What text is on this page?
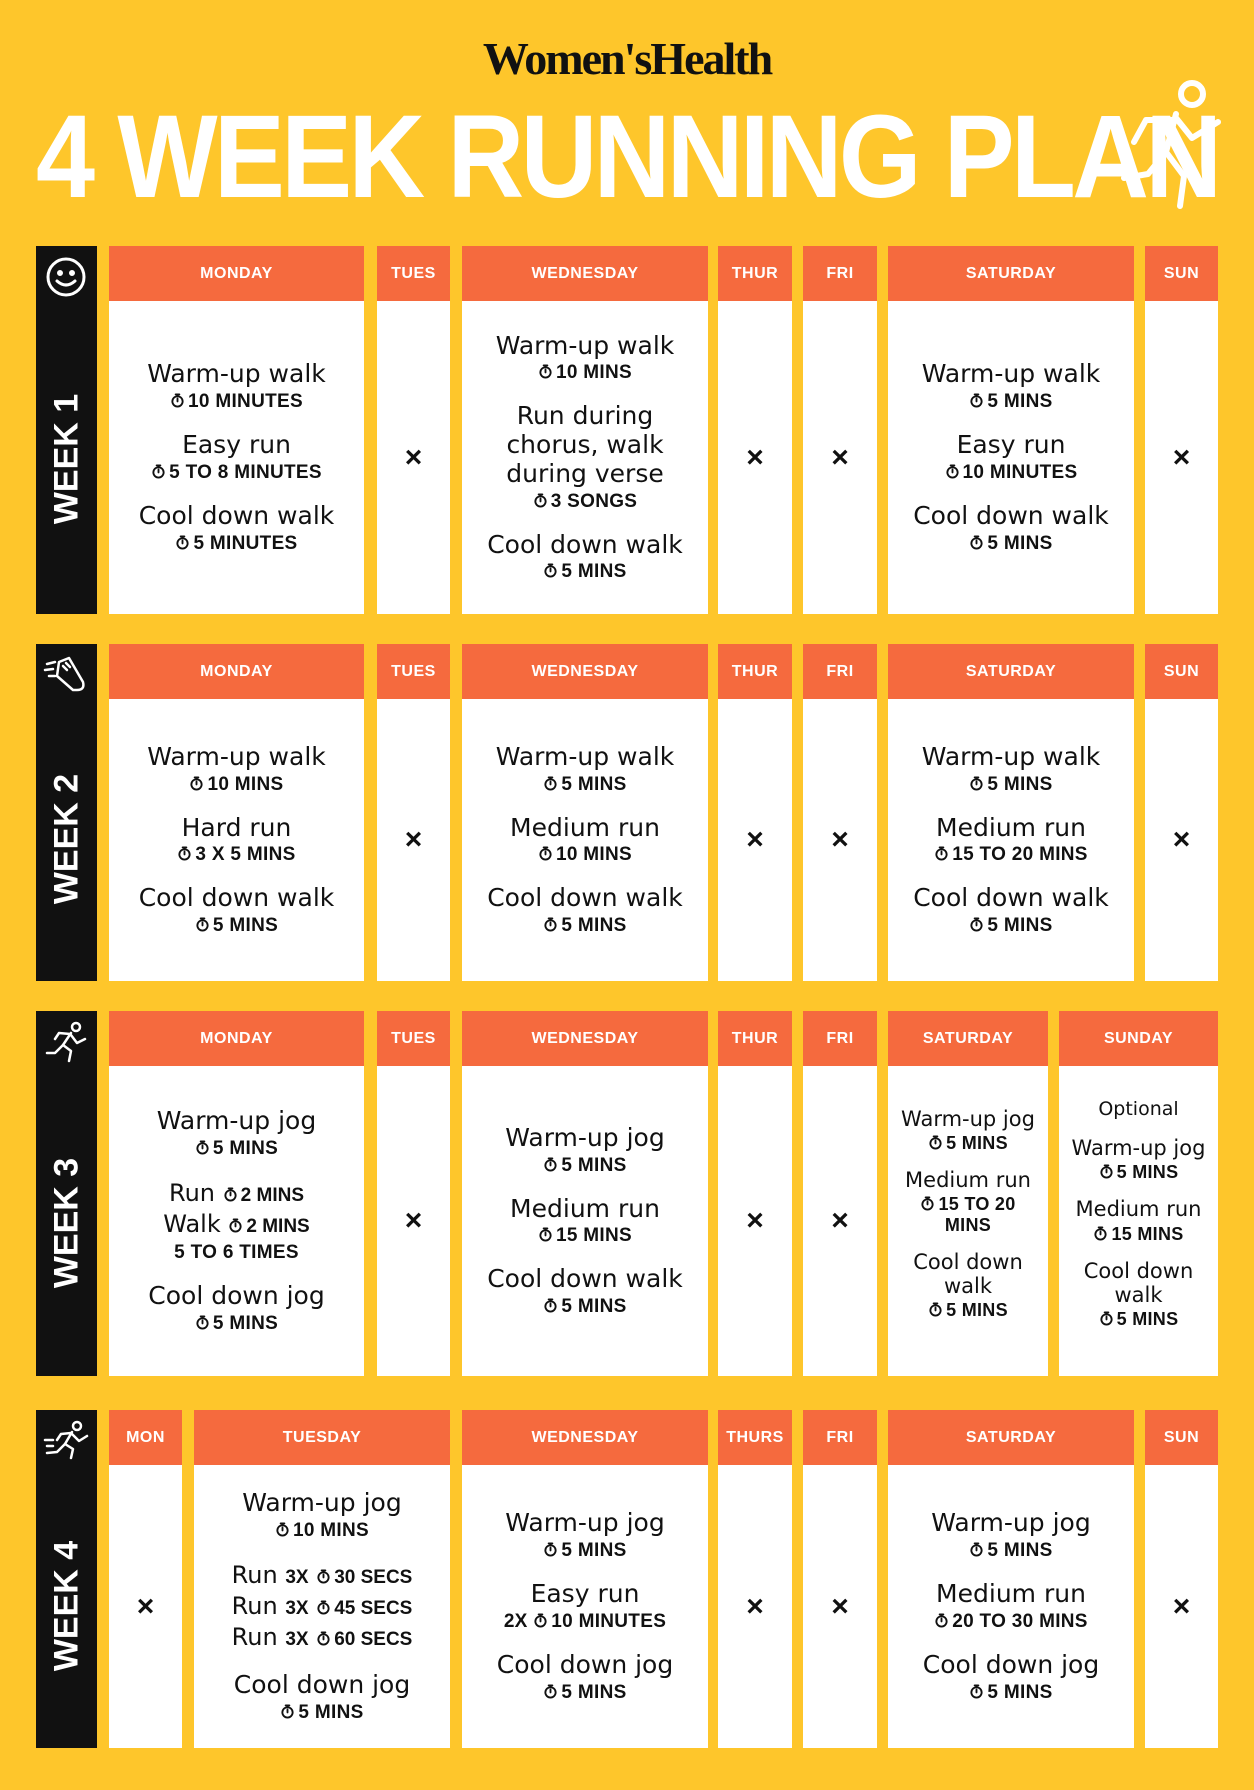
Women'sHealth
4 WEEK RUNNING PLAN
WEEK 1
MONDAY
Warm-up walk
10 MINUTES
Easy run
5 TO 8 MINUTES
Cool down walk
5 MINUTES
TUES
×
WEDNESDAY
Warm-up walk
10 MINS
Run during chorus, walk during verse
3 SONGS
Cool down walk
5 MINS
THUR
×
FRI
×
SATURDAY
Warm-up walk
5 MINS
Easy run
10 MINUTES
Cool down walk
5 MINS
SUN
×
WEEK 2
MONDAY
Warm-up walk
10 MINS
Hard run
3 X 5 MINS
Cool down walk
5 MINS
TUES
×
WEDNESDAY
Warm-up walk
5 MINS
Medium run
10 MINS
Cool down walk
5 MINS
THUR
×
FRI
×
SATURDAY
Warm-up walk
5 MINS
Medium run
15 TO 20 MINS
Cool down walk
5 MINS
SUN
×
WEEK 3
MONDAY
Warm-up jog
5 MINS
Run 2 MINS
Walk 2 MINS
5 TO 6 TIMES
Cool down jog
5 MINS
TUES
×
WEDNESDAY
Warm-up jog
5 MINS
Medium run
15 MINS
Cool down walk
5 MINS
THUR
×
FRI
×
SATURDAY
Warm-up jog
5 MINS
Medium run
15 TO 20 MINS
Cool down walk
5 MINS
SUNDAY
Optional
Warm-up jog
5 MINS
Medium run
15 MINS
Cool down walk
5 MINS
WEEK 4
MON
×
TUESDAY
Warm-up jog
10 MINS
Run 3X 30 SECS
Run 3X 45 SECS
Run 3X 60 SECS
Cool down jog
5 MINS
WEDNESDAY
Warm-up jog
5 MINS
Easy run
2X 10 MINUTES
Cool down jog
5 MINS
THURS
×
FRI
×
SATURDAY
Warm-up jog
5 MINS
Medium run
20 TO 30 MINS
Cool down jog
5 MINS
SUN
×
